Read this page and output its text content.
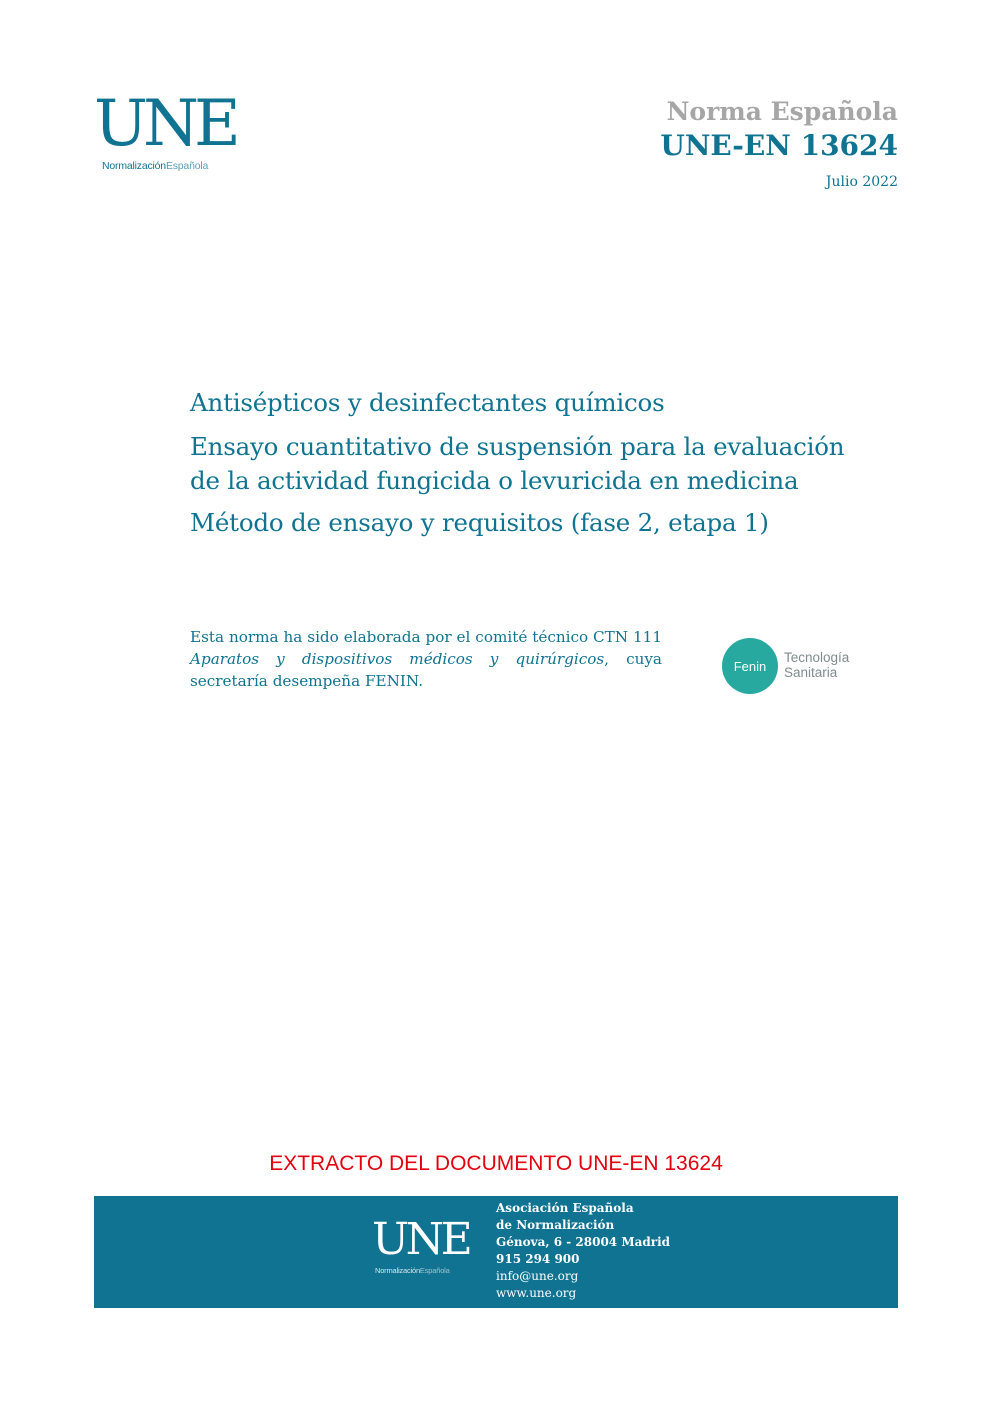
UNE
NormalizaciónEspañola
Norma Española
UNE-EN 13624
Julio 2022
Antisépticos y desinfectantes químicos
Ensayo cuantitativo de suspensión para la evaluación
de la actividad fungicida o levuricida en medicina
Método de ensayo y requisitos (fase 2, etapa 1)
Esta norma ha sido elaborada por el comité técnico CTN 111 Aparatos y dispositivos médicos y quirúrgicos, cuya secretaría desempeña FENIN.
Fenin
Tecnología
Sanitaria
EXTRACTO DEL DOCUMENTO UNE-EN 13624
UNE
NormalizaciónEspañola
Asociación Española
de Normalización
Génova, 6 - 28004 Madrid
915 294 900
info@une.org
www.une.org
